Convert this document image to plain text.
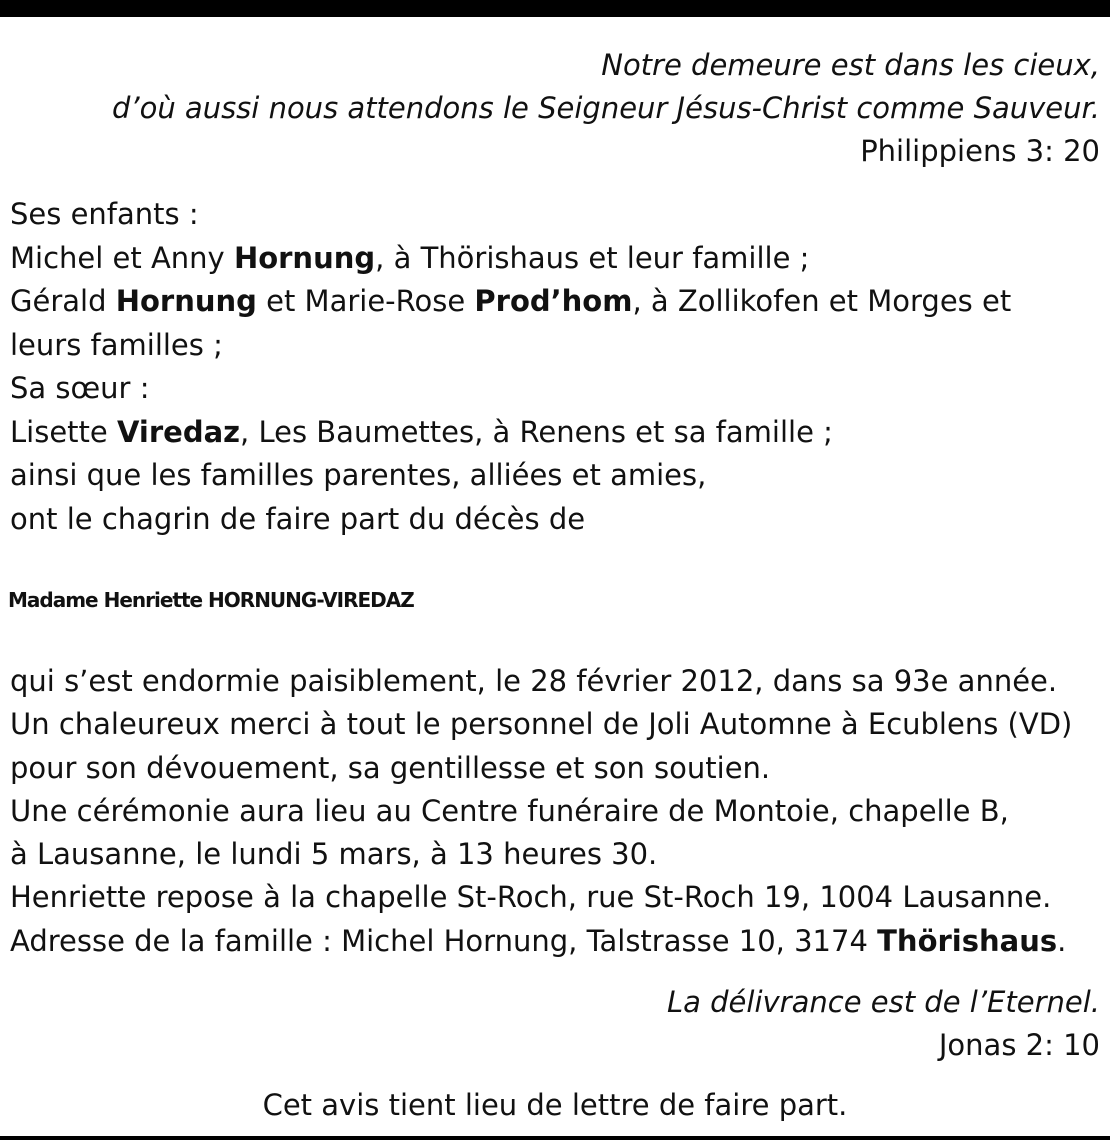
Notre demeure est dans les cieux,
d’où aussi nous attendons le Seigneur Jésus-Christ comme Sauveur.
Philippiens 3: 20
Ses enfants :
Michel et Anny Hornung, à Thörishaus et leur famille ;
Gérald Hornung et Marie-Rose Prod’hom, à Zollikofen et Morges et leurs familles ;
Sa sœur :
Lisette Viredaz, Les Baumettes, à Renens et sa famille ;
ainsi que les familles parentes, alliées et amies,
ont le chagrin de faire part du décès de
Madame Henriette HORNUNG-VIREDAZ
qui s’est endormie paisiblement, le 28 février 2012, dans sa 93e année.
Un chaleureux merci à tout le personnel de Joli Automne à Ecublens (VD)
pour son dévouement, sa gentillesse et son soutien.
Une cérémonie aura lieu au Centre funéraire de Montoie, chapelle B,
à Lausanne, le lundi 5 mars, à 13 heures 30.
Henriette repose à la chapelle St-Roch, rue St-Roch 19, 1004 Lausanne.
Adresse de la famille : Michel Hornung, Talstrasse 10, 3174 Thörishaus.
La délivrance est de l’Eternel.
Jonas 2: 10
Cet avis tient lieu de lettre de faire part.
